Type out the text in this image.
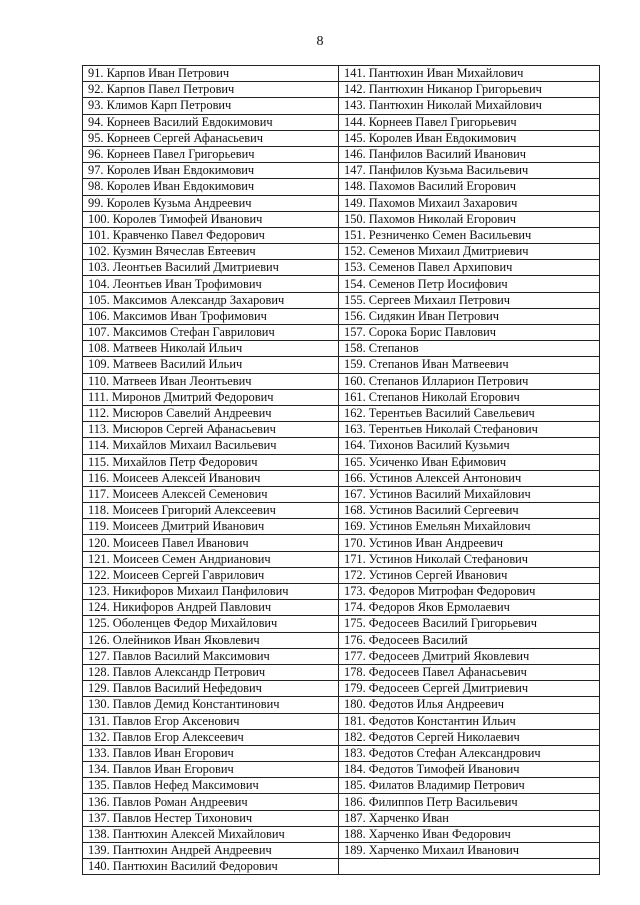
8
91. Карпов Иван Петрович	141. Пантюхин Иван Михайлович
92. Карпов Павел Петрович	142. Пантюхин Никанор Григорьевич
93. Климов Карп Петрович	143. Пантюхин Николай Михайлович
94. Корнеев Василий Евдокимович	144. Корнеев Павел Григорьевич
95. Корнеев Сергей Афанасьевич	145. Королев Иван Евдокимович
96. Корнеев Павел Григорьевич	146. Панфилов Василий Иванович
97. Королев Иван Евдокимович	147. Панфилов Кузьма Васильевич
98. Королев Иван Евдокимович	148. Пахомов Василий Егорович
99. Королев Кузьма Андреевич	149. Пахомов Михаил Захарович
100. Королев Тимофей Иванович	150. Пахомов Николай Егорович
101. Кравченко Павел Федорович	151. Резниченко Семен Васильевич
102. Кузмин Вячеслав Евтеевич	152. Семенов Михаил Дмитриевич
103. Леонтьев Василий Дмитриевич	153. Семенов Павел Архипович
104. Леонтьев Иван Трофимович	154. Семенов Петр Иосифович
105. Максимов Александр Захарович	155. Сергеев Михаил Петрович
106. Максимов Иван Трофимович	156. Сидякин Иван Петрович
107. Максимов Стефан Гаврилович	157. Сорока Борис Павлович
108. Матвеев Николай Ильич	158. Степанов
109. Матвеев Василий Ильич	159. Степанов Иван Матвеевич
110. Матвеев Иван Леонтьевич	160. Степанов Илларион Петрович
111. Миронов Дмитрий Федорович	161. Степанов Николай Егорович
112. Мисюров Савелий Андреевич	162. Терентьев Василий Савельевич
113. Мисюров Сергей Афанасьевич	163. Терентьев Николай Стефанович
114. Михайлов Михаил Васильевич	164. Тихонов Василий Кузьмич
115. Михайлов Петр Федорович	165. Усиченко Иван Ефимович
116. Моисеев Алексей Иванович	166. Устинов Алексей Антонович
117. Моисеев Алексей Семенович	167. Устинов Василий Михайлович
118. Моисеев Григорий Алексеевич	168. Устинов Василий Сергеевич
119. Моисеев Дмитрий Иванович	169. Устинов Емельян Михайлович
120. Моисеев Павел Иванович	170. Устинов Иван Андреевич
121. Моисеев Семен Андрианович	171. Устинов Николай Стефанович
122. Моисеев Сергей Гаврилович	172. Устинов Сергей Иванович
123. Никифоров Михаил Панфилович	173. Федоров Митрофан Федорович
124. Никифоров Андрей Павлович	174. Федоров Яков Ермолаевич
125. Оболенцев Федор Михайлович	175. Федосеев Василий Григорьевич
126. Олейников Иван Яковлевич	176. Федосеев Василий
127. Павлов Василий Максимович	177. Федосеев Дмитрий Яковлевич
128. Павлов Александр Петрович	178. Федосеев Павел Афанасьевич
129. Павлов Василий Нефедович	179. Федосеев Сергей Дмитриевич
130. Павлов Демид Константинович	180. Федотов Илья Андреевич
131. Павлов Егор Аксенович	181. Федотов Константин Ильич
132. Павлов Егор Алексеевич	182. Федотов Сергей Николаевич
133. Павлов Иван Егорович	183. Федотов Стефан Александрович
134. Павлов Иван Егорович	184. Федотов Тимофей Иванович
135. Павлов Нефед Максимович	185. Филатов Владимир Петрович
136. Павлов Роман Андреевич	186. Филиппов Петр Васильевич
137. Павлов Нестер Тихонович	187. Харченко Иван
138. Пантюхин Алексей Михайлович	188. Харченко Иван Федорович
139. Пантюхин Андрей Андреевич	189. Харченко Михаил Иванович
140. Пантюхин Василий Федорович	
